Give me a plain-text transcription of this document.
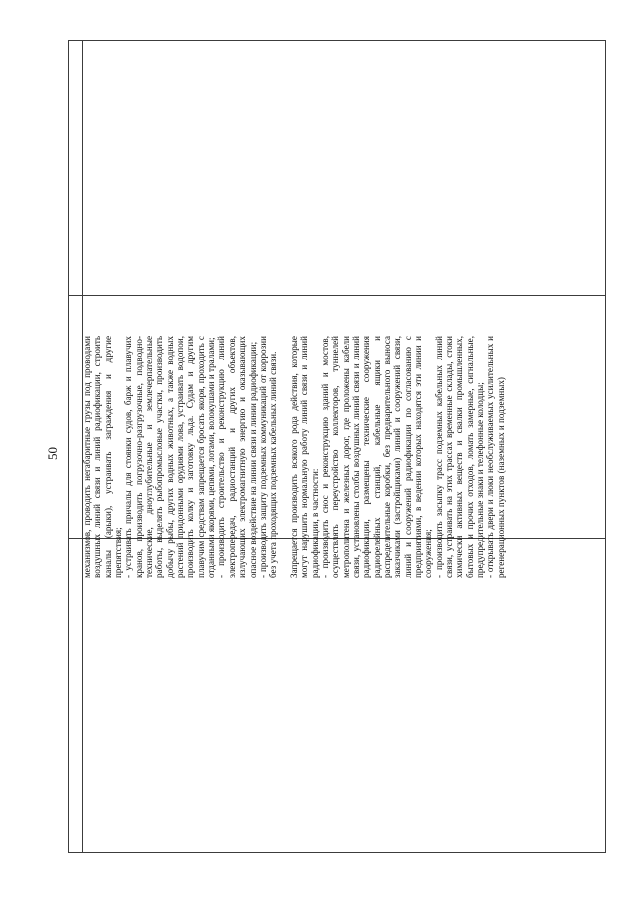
50 механизмов, проводить негабаритные грузы под проводами воздушных линий связи и линий радиофикации, строить каналы (арыки), устраивать заграждения и другие препятствия; - устраивать причалы для стоянки судов, барж и плавучих кранов, производить погрузочно-разгрузочные, подводно-технические, дноуглубительные и землечерпательные работы, выделять рыбопромысловые участки, производить добычу рыбы, других водных животных, а также водных растений придонными орудиями лова, устраивать водопои, производить колку и заготовку льда. Судам и другим плавучим средствам запрещается бросать якоря, проходить с отданными якорями, цепями, лотами, волокушами и тралами; - производить строительство и реконструкцию линий электропередач, радиостанций и других объектов, излучающих электромагнитную энергию и оказывающих опасное воздействие на линии связи и линии радиофикации; - производить защиту подземных коммуникаций от коррозии без учета проходящих подземных кабельных линий связи. Запрещается производить всякого рода действия, которые могут нарушить нормальную работу линий связи и линий радиофикации, в частности: - производить снос и реконструкцию зданий и мостов, осуществлять переустройство коллекторов, туннелей метрополитена и железных дорог, где проложены кабели связи, установлены столбы воздушных линий связи и линий радиофикации, размещены технические сооружения радиорелейных станций, кабельные ящики и распределительные коробки, без предварительного выноса заказчиками (застройщиками) линий и сооружений связи, линий и сооружений радиофикации по согласованию с предприятиями, в ведении которых находятся эти линии и сооружения; - производить засыпку трасс подземных кабельных линий связи, устраивать на этих трассах временные склады, стоки химически активных веществ и свалки промышленных, бытовых и прочих отходов, ломать замерные, сигнальные, предупредительные знаки и телефонные колодцы; - открывать двери и люки необслуживаемых усилительных и регенерационных пунктов (наземных и подземных)
